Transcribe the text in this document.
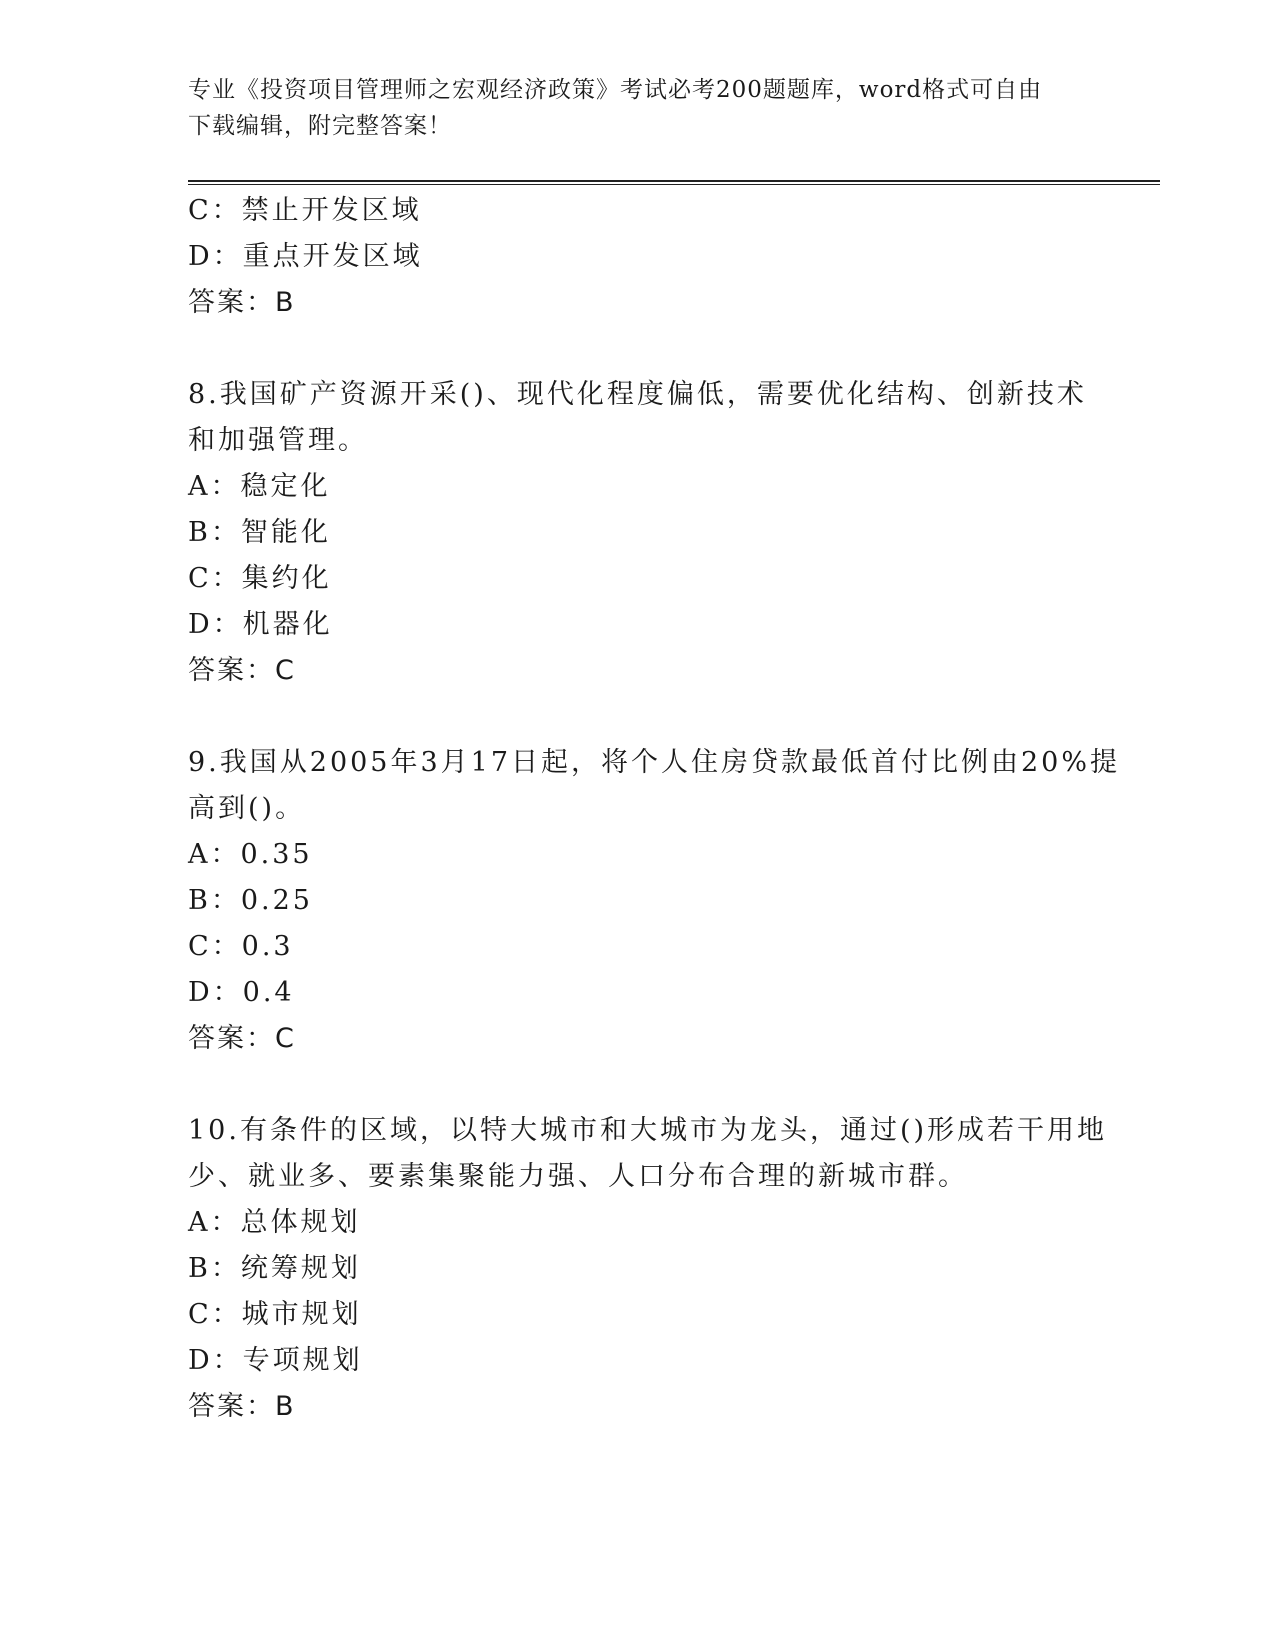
专业《投资项目管理师之宏观经济政策》考试必考200题题库，word格式可自由
下载编辑，附完整答案！
C：禁止开发区域
D：重点开发区域
答案：B
8.我国矿产资源开采()、现代化程度偏低，需要优化结构、创新技术
和加强管理。
A：稳定化
B：智能化
C：集约化
D：机器化
答案：C
9.我国从2005年3月17日起，将个人住房贷款最低首付比例由20%提
高到()。
A：0.35
B：0.25
C：0.3
D：0.4
答案：C
10.有条件的区域，以特大城市和大城市为龙头，通过()形成若干用地
少、就业多、要素集聚能力强、人口分布合理的新城市群。
A：总体规划
B：统筹规划
C：城市规划
D：专项规划
答案：B
